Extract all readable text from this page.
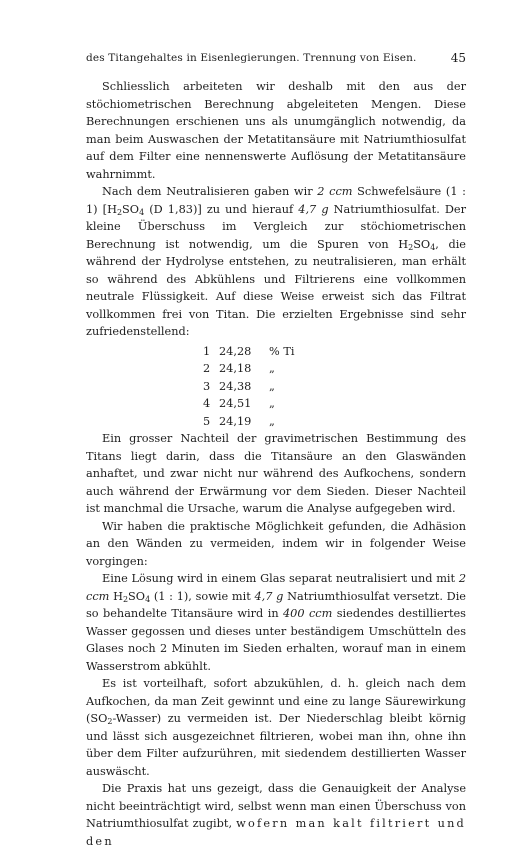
des Titangehaltes in Eisenlegierungen. Trennung von Eisen.	45

Schliesslich arbeiteten wir deshalb mit den aus der stöchiometrischen Berechnung abgeleiteten Mengen. Diese Berechnungen erschienen uns als unumgänglich notwendig, da man beim Auswaschen der Metatitansäure mit Natriumthiosulfat auf dem Filter eine nennenswerte Auflösung der Metatitansäure wahrnimmt.

Nach dem Neutralisieren gaben wir 2 ccm Schwefelsäure (1 : 1) [$H_2SO_4$ (D 1,83)] zu und hierauf 4,7 g Natriumthiosulfat. Der kleine Überschuss im Vergleich zur stöchiometrischen Berechnung ist notwendig, um die Spuren von $H_2SO_4$, die während der Hydrolyse entstehen, zu neutralisieren, man erhält so während des Abkühlens und Filtrierens eine vollkommen neutrale Flüssigkeit. Auf diese Weise erweist sich das Filtrat vollkommen frei von Titan. Die erzielten Ergebnisse sind sehr zufriedenstellend:

1 24,28 % Ti
2 24,18 „
3 24,38 „
4 24,51 „
5 24,19 „

Ein grosser Nachteil der gravimetrischen Bestimmung des Titans liegt darin, dass die Titansäure an den Glaswänden anhaftet, und zwar nicht nur während des Aufkochens, sondern auch während der Erwärmung vor dem Sieden. Dieser Nachteil ist manchmal die Ursache, warum die Analyse aufgegeben wird.

Wir haben die praktische Möglichkeit gefunden, die Adhäsion an den Wänden zu vermeiden, indem wir in folgender Weise vorgingen:

Eine Lösung wird in einem Glas separat neutralisiert und mit 2 ccm $H_2SO_4$ (1 : 1), sowie mit 4,7 g Natriumthiosulfat versetzt. Die so behandelte Titansäure wird in 400 ccm siedendes destilliertes Wasser gegossen und dieses unter beständigem Umschütteln des Glases noch 2 Minuten im Sieden erhalten, worauf man in einem Wasserstrom abkühlt.

Es ist vorteilhaft, sofort abzukühlen, d. h. gleich nach dem Aufkochen, da man Zeit gewinnt und eine zu lange Säurewirkung $(SO_2-Wasser)$ zu vermeiden ist. Der Niederschlag bleibt körnig und lässt sich ausgezeichnet filtrieren, wobei man ihn, ohne ihn über dem Filter aufzurühren, mit siedendem destillierten Wasser auswäscht.

Die Praxis hat uns gezeigt, dass die Genauigkeit der Analyse nicht beeinträchtigt wird, selbst wenn man einen Überschuss von Natriumthiosulfat zugibt, wofern man kalt filtriert und den
